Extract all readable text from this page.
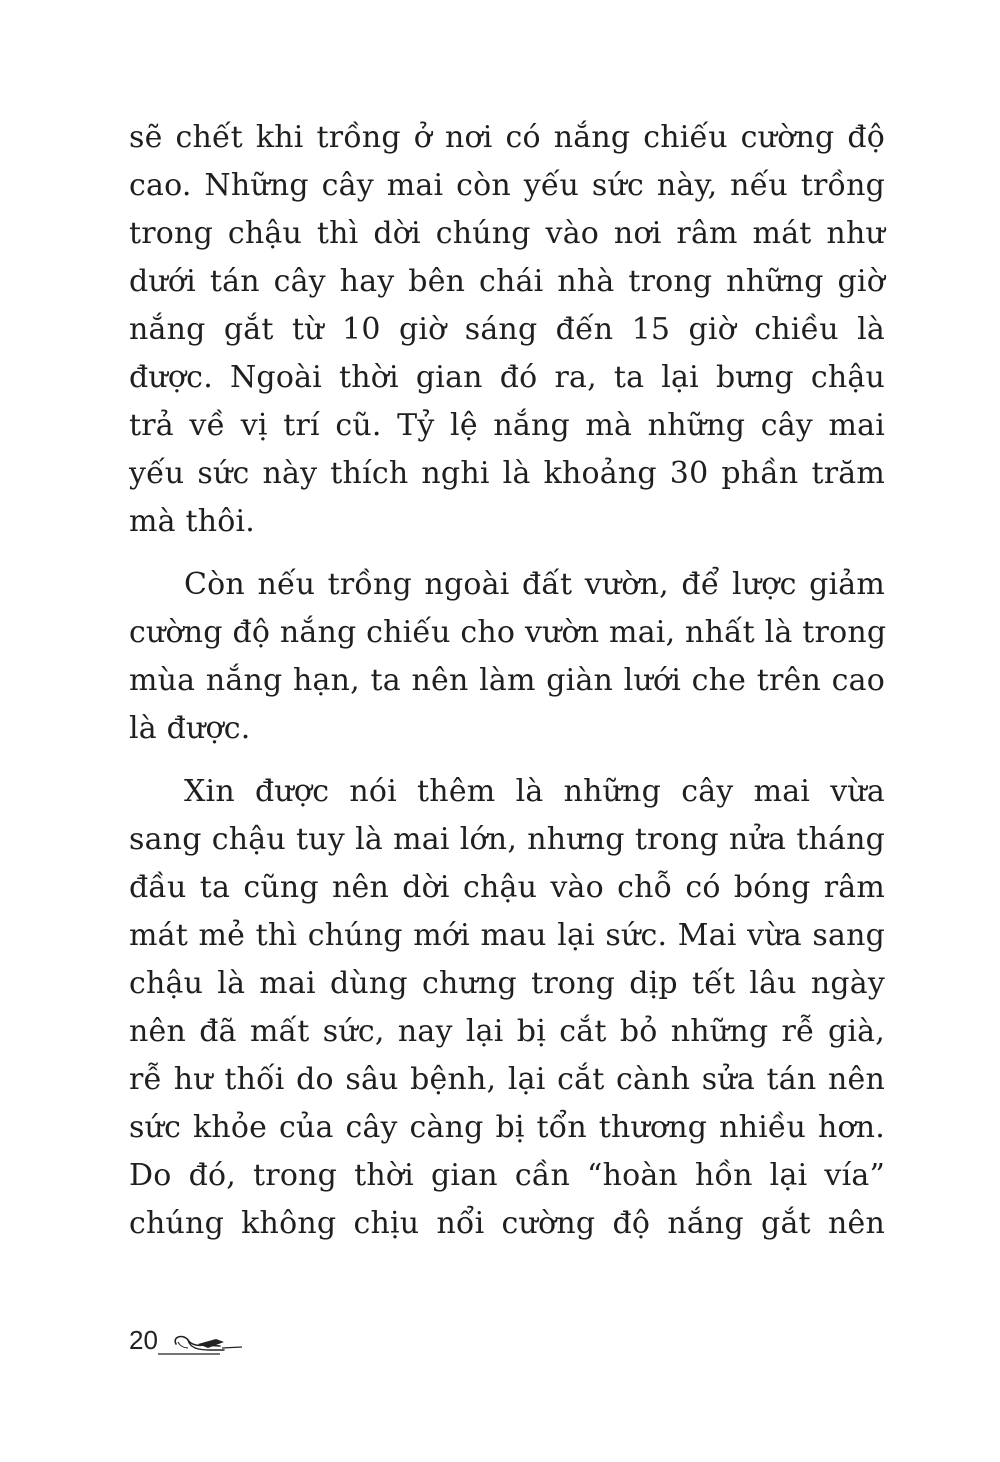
sẽ chết khi trồng ở nơi có nắng chiếu cường độ
cao. Những cây mai còn yếu sức này, nếu trồng
trong chậu thì dời chúng vào nơi râm mát như
dưới tán cây hay bên chái nhà trong những giờ
nắng gắt từ 10 giờ sáng đến 15 giờ chiều là
được. Ngoài thời gian đó ra, ta lại bưng chậu
trả về vị trí cũ. Tỷ lệ nắng mà những cây mai
yếu sức này thích nghi là khoảng 30 phần trăm
mà thôi.
Còn nếu trồng ngoài đất vườn, để lược giảm
cường độ nắng chiếu cho vườn mai, nhất là trong
mùa nắng hạn, ta nên làm giàn lưới che trên cao
là được.
Xin được nói thêm là những cây mai vừa
sang chậu tuy là mai lớn, nhưng trong nửa tháng
đầu ta cũng nên dời chậu vào chỗ có bóng râm
mát mẻ thì chúng mới mau lại sức. Mai vừa sang
chậu là mai dùng chưng trong dịp tết lâu ngày
nên đã mất sức, nay lại bị cắt bỏ những rễ già,
rễ hư thối do sâu bệnh, lại cắt cành sửa tán nên
sức khỏe của cây càng bị tổn thương nhiều hơn.
Do đó, trong thời gian cần “hoàn hồn lại vía”
chúng không chịu nổi cường độ nắng gắt nên
20
